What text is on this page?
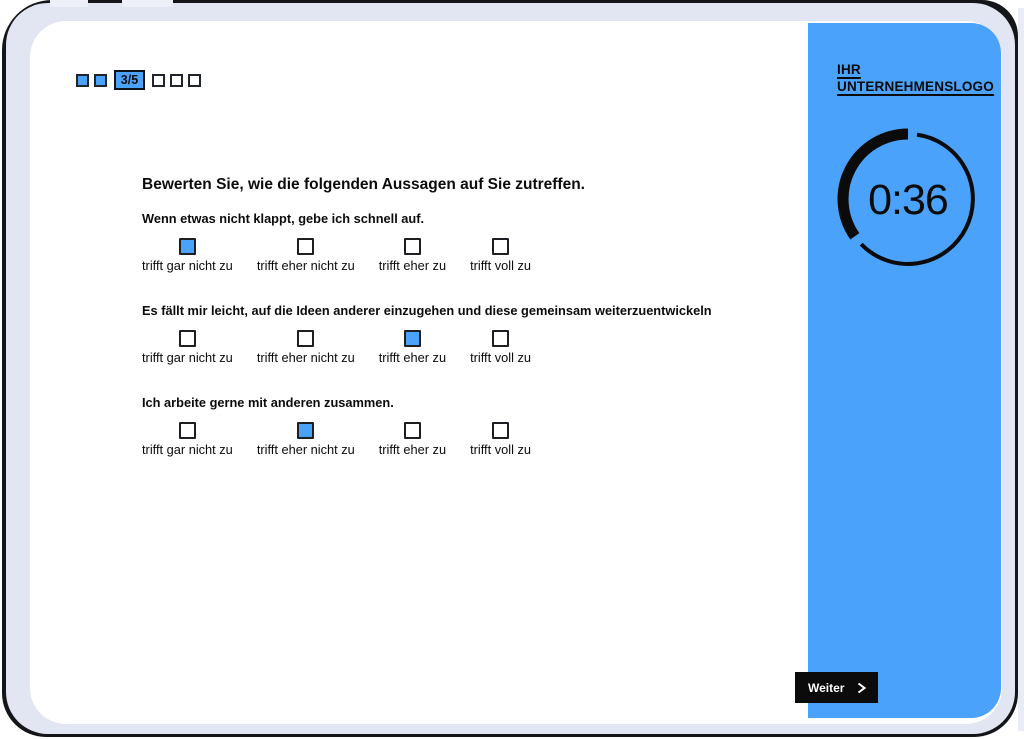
3/5
Bewerten Sie, wie die folgenden Aussagen auf Sie zutreffen.
Wenn etwas nicht klappt, gebe ich schnell auf.
trifft gar nicht zu trifft eher nicht zu trifft eher zu trifft voll zu
Es fällt mir leicht, auf die Ideen anderer einzugehen und diese gemeinsam weiterzuentwickeln
trifft gar nicht zu trifft eher nicht zu trifft eher zu trifft voll zu
Ich arbeite gerne mit anderen zusammen.
trifft gar nicht zu trifft eher nicht zu trifft eher zu trifft voll zu
IHR
UNTERNEHMENSLOGO
0:36
Weiter
